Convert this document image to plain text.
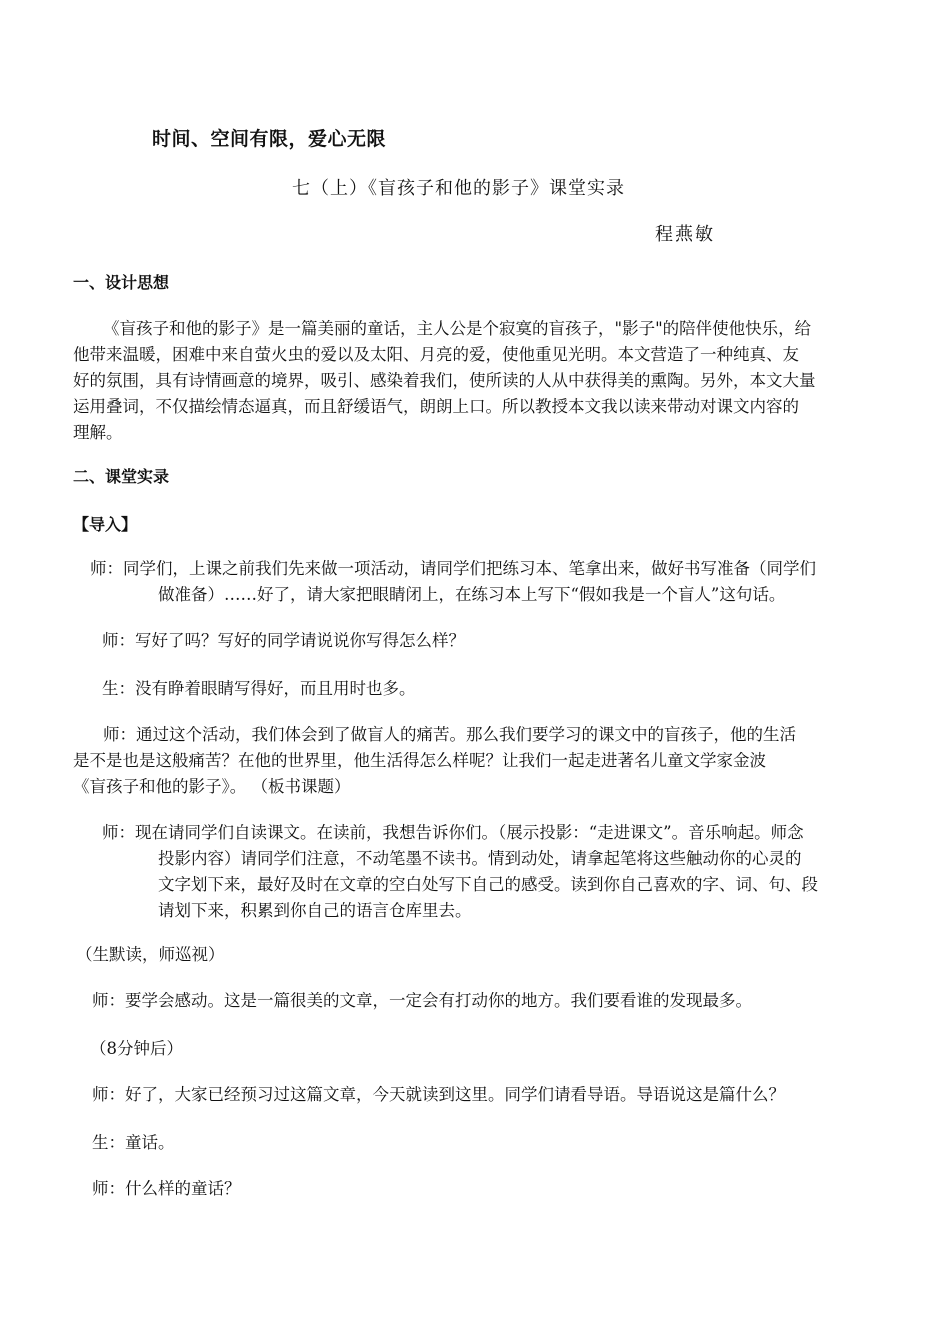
时间、空间有限，爱心无限
七（上）《盲孩子和他的影子》课堂实录
程燕敏
一、设计思想
《盲孩子和他的影子》是一篇美丽的童话，主人公是个寂寞的盲孩子，"影子"的陪伴使他快乐，给
他带来温暖，困难中来自萤火虫的爱以及太阳、月亮的爱，使他重见光明。本文营造了一种纯真、友
好的氛围，具有诗情画意的境界，吸引、感染着我们，使所读的人从中获得美的熏陶。另外，本文大量
运用叠词，不仅描绘情态逼真，而且舒缓语气，朗朗上口。所以教授本文我以读来带动对课文内容的
理解。
二、课堂实录
【导入】
师：同学们，上课之前我们先来做一项活动，请同学们把练习本、笔拿出来，做好书写准备（同学们
做准备）……好了，请大家把眼睛闭上，在练习本上写下“假如我是一个盲人”这句话。
师：写好了吗？写好的同学请说说你写得怎么样？
生：没有睁着眼睛写得好，而且用时也多。
师：通过这个活动，我们体会到了做盲人的痛苦。那么我们要学习的课文中的盲孩子，他的生活
是不是也是这般痛苦？在他的世界里，他生活得怎么样呢？让我们一起走进著名儿童文学家金波
《盲孩子和他的影子》。 （板书课题）
师：现在请同学们自读课文。在读前，我想告诉你们。（展示投影：“走进课文”。音乐响起。师念
投影内容）请同学们注意，不动笔墨不读书。情到动处，请拿起笔将这些触动你的心灵的
文字划下来，最好及时在文章的空白处写下自己的感受。读到你自己喜欢的字、词、句、段
请划下来，积累到你自己的语言仓库里去。
（生默读，师巡视）
师：要学会感动。这是一篇很美的文章，一定会有打动你的地方。我们要看谁的发现最多。
（8分钟后）
师：好了，大家已经预习过这篇文章，今天就读到这里。同学们请看导语。导语说这是篇什么？
生：童话。
师：什么样的童话？
